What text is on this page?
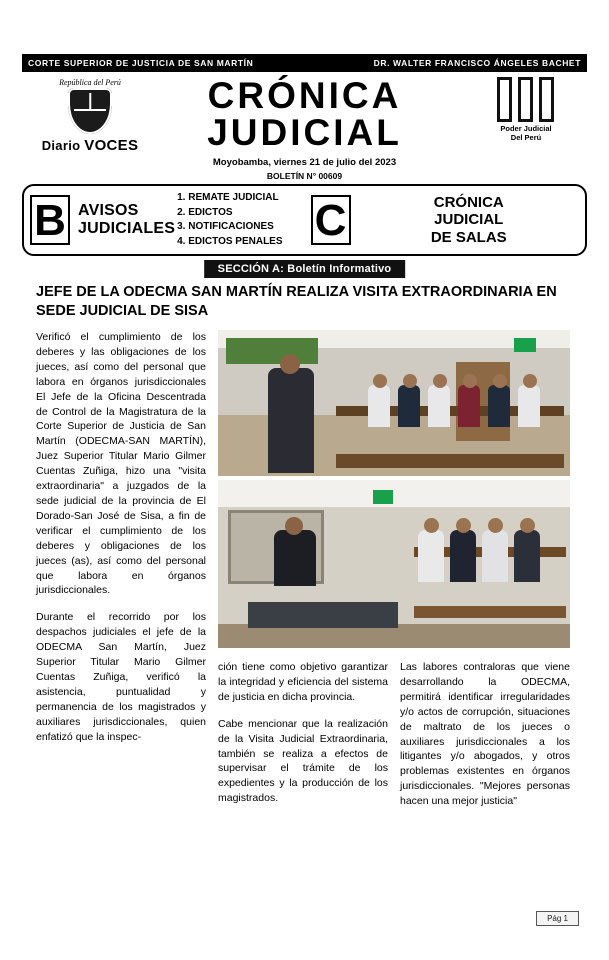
CORTE SUPERIOR DE JUSTICIA DE SAN MARTÍN	DR. WALTER FRANCISCO ÁNGELES BACHET
República del Perú
Diario VOCES
CRÓNICA
JUDICIAL
Moyobamba, viernes 21 de julio del 2023
BOLETÍN N° 00609
Poder Judicial
Del Perú
B AVISOS
JUDICIALES
1. REMATE JUDICIAL
2. EDICTOS
3. NOTIFICACIONES
4. EDICTOS PENALES C	CRÓNICA
JUDICIAL
DE SALAS
SECCIÓN A: Boletín Informativo
JEFE DE LA ODECMA SAN MARTÍN REALIZA VISITA EXTRAORDINARIA EN SEDE JUDICIAL DE SISA

Verificó el cumplimiento de los deberes y las obligaciones de los jueces, así como del personal que labora en órganos jurisdiccionales El Jefe de la Oficina Descentrada de Control de la Magistratura de la Corte Superior de Justicia de San Martín (ODECMA-SAN MARTÍN), Juez Superior Titular Mario Gilmer Cuentas Zuñiga, hizo una "visita extraordinaria" a juzgados de la sede judicial de la provincia de El Dorado-San José de Sisa, a fin de verificar el cumplimiento de los deberes y obligaciones de los jueces (as), así como del personal que labora en órganos jurisdiccionales.

Durante el recorrido por los despachos judiciales el jefe de la ODECMA San Martín, Juez Superior Titular Mario Gilmer Cuentas Zuñiga, verificó la asistencia, puntualidad y permanencia de los magistrados y auxiliares jurisdiccionales, quien enfatizó que la inspec-

ción tiene como objetivo garantizar la integridad y eficiencia del sistema de justicia en dicha provincia.

Cabe mencionar que la realización de la Visita Judicial Extraordinaria, también se realiza a efectos de supervisar el trámite de los expedientes y la producción de los magistrados.

Las labores contraloras que viene desarrollando la ODECMA, permitirá identificar irregularidades y/o actos de corrupción, situaciones de maltrato de los jueces o auxiliares jurisdiccionales a los litigantes y/o abogados, y otros problemas existentes en órganos jurisdiccionales. "Mejores personas hacen una mejor justicia"

Pág 1
